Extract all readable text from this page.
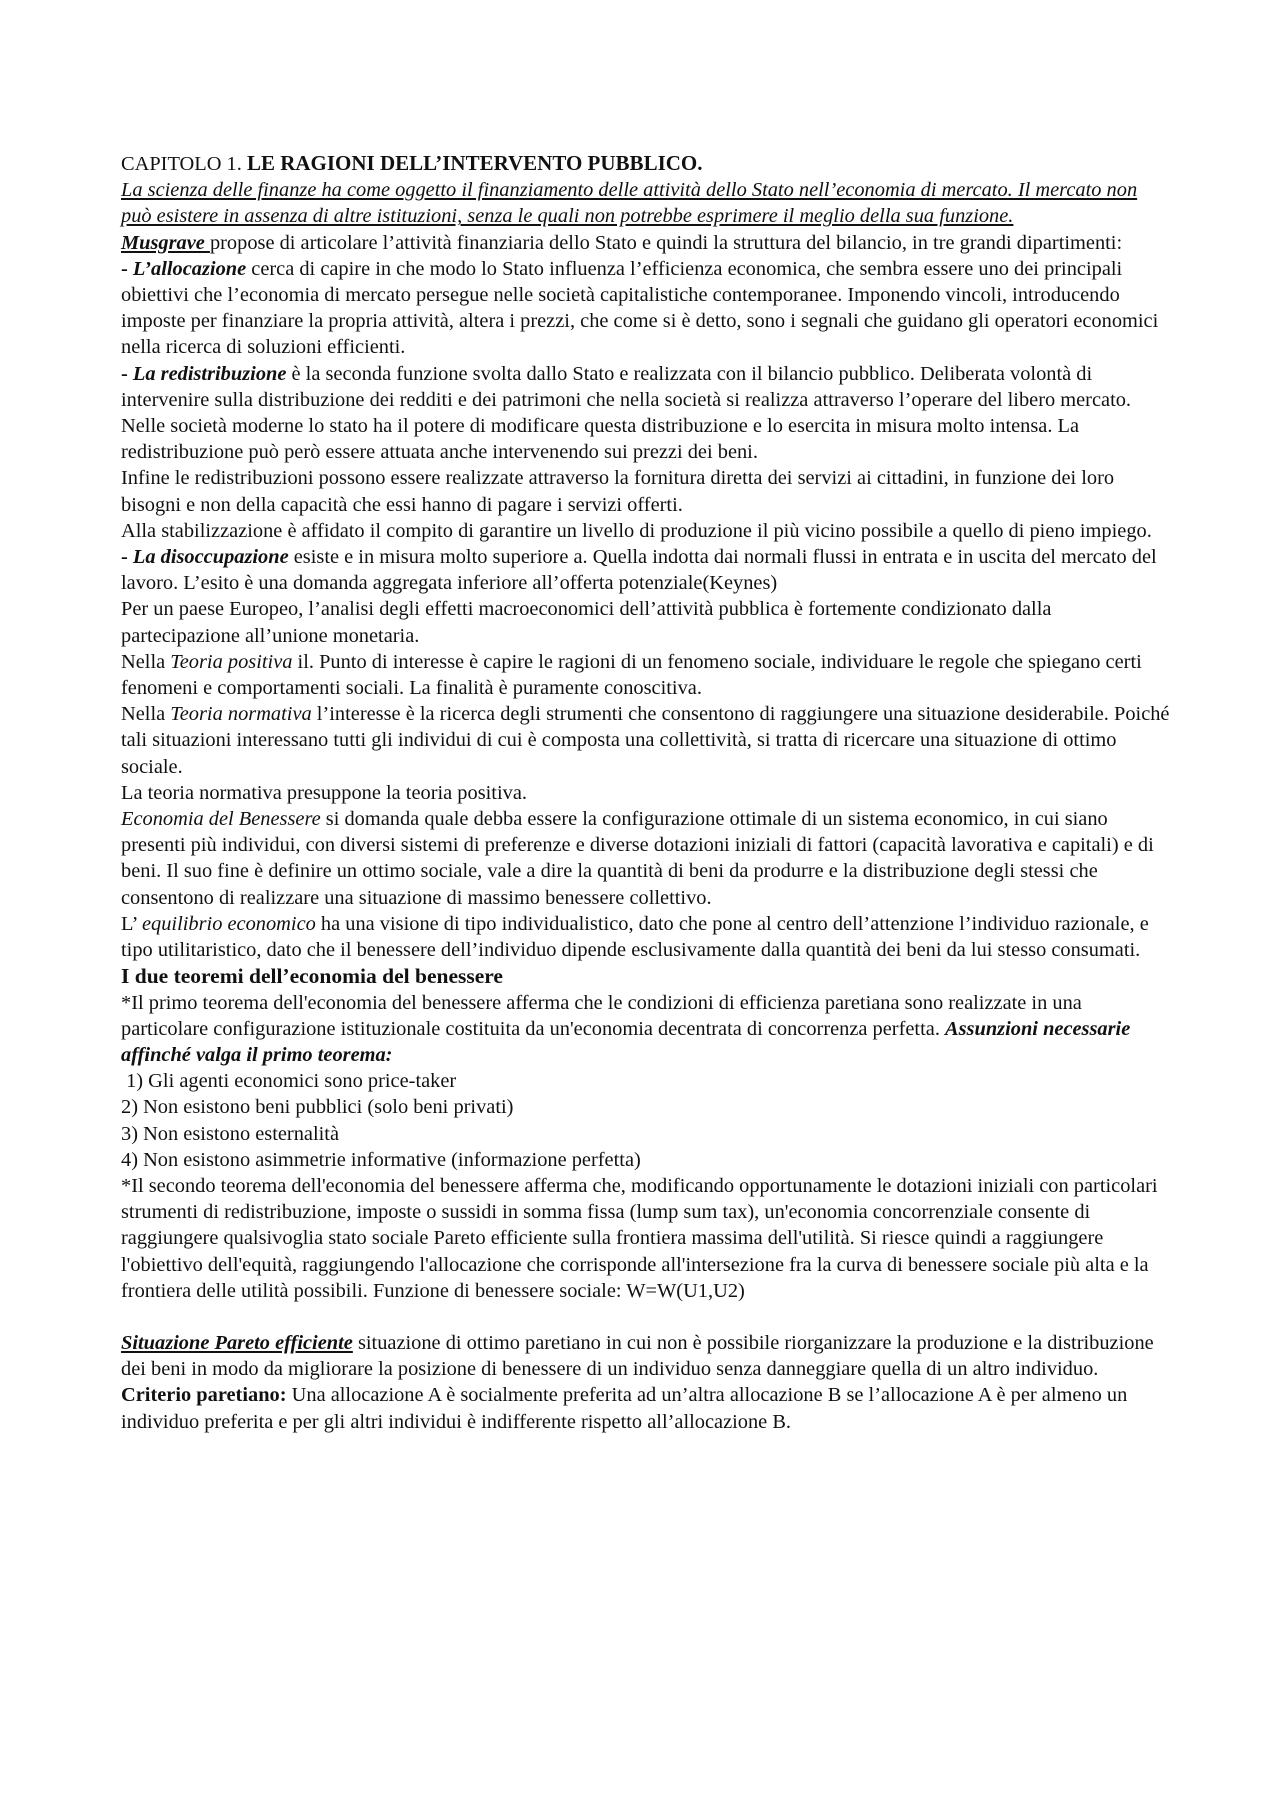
CAPITOLO 1. LE RAGIONI DELL’INTERVENTO PUBBLICO.

La scienza delle finanze ha come oggetto il finanziamento delle attività dello Stato nell’economia di mercato. Il mercato non può esistere in assenza di altre istituzioni, senza le quali non potrebbe esprimere il meglio della sua funzione.

Musgrave propose di articolare l’attività finanziaria dello Stato e quindi la struttura del bilancio, in tre grandi dipartimenti:

- L’allocazione cerca di capire in che modo lo Stato influenza l’efficienza economica, che sembra essere uno dei principali obiettivi che l’economia di mercato persegue nelle società capitalistiche contemporanee. Imponendo vincoli, introducendo imposte per finanziare la propria attività, altera i prezzi, che come si è detto, sono i segnali che guidano gli operatori economici nella ricerca di soluzioni efficienti.

- La redistribuzione è la seconda funzione svolta dallo Stato e realizzata con il bilancio pubblico. Deliberata volontà di intervenire sulla distribuzione dei redditi e dei patrimoni che nella società si realizza attraverso l’operare del libero mercato. Nelle società moderne lo stato ha il potere di modificare questa distribuzione e lo esercita in misura molto intensa. La redistribuzione può però essere attuata anche intervenendo sui prezzi dei beni.

Infine le redistribuzioni possono essere realizzate attraverso la fornitura diretta dei servizi ai cittadini, in funzione dei loro bisogni e non della capacità che essi hanno di pagare i servizi offerti.

Alla stabilizzazione è affidato il compito di garantire un livello di produzione il più vicino possibile a quello di pieno impiego.

- La disoccupazione esiste e in misura molto superiore a. Quella indotta dai normali flussi in entrata e in uscita del mercato del lavoro. L’esito è una domanda aggregata inferiore all’offerta potenziale(Keynes)

Per un paese Europeo, l’analisi degli effetti macroeconomici dell’attività pubblica è fortemente condizionato dalla partecipazione all’unione monetaria.

Nella Teoria positiva il. Punto di interesse è capire le ragioni di un fenomeno sociale, individuare le regole che spiegano certi fenomeni e comportamenti sociali. La finalità è puramente conoscitiva.

Nella Teoria normativa l’interesse è la ricerca degli strumenti che consentono di raggiungere una situazione desiderabile. Poiché tali situazioni interessano tutti gli individui di cui è composta una collettività, si tratta di ricercare una situazione di ottimo sociale.

La teoria normativa presuppone la teoria positiva.

Economia del Benessere si domanda quale debba essere la configurazione ottimale di un sistema economico, in cui siano presenti più individui, con diversi sistemi di preferenze e diverse dotazioni iniziali di fattori (capacità lavorativa e capitali) e di beni. Il suo fine è definire un ottimo sociale, vale a dire la quantità di beni da produrre e la distribuzione degli stessi che consentono di realizzare una situazione di massimo benessere collettivo.

L’ equilibrio economico ha una visione di tipo individualistico, dato che pone al centro dell’attenzione l’individuo razionale, e tipo utilitaristico, dato che il benessere dell’individuo dipende esclusivamente dalla quantità dei beni da lui stesso consumati.

I due teoremi dell’economia del benessere

*Il primo teorema dell'economia del benessere afferma che le condizioni di efficienza paretiana sono realizzate in una particolare configurazione istituzionale costituita da un'economia decentrata di concorrenza perfetta. Assunzioni necessarie affinché valga il primo teorema:

1) Gli agenti economici sono price-taker

2) Non esistono beni pubblici (solo beni privati)

3) Non esistono esternalità

4) Non esistono asimmetrie informative (informazione perfetta)

*Il secondo teorema dell'economia del benessere afferma che, modificando opportunamente le dotazioni iniziali con particolari strumenti di redistribuzione, imposte o sussidi in somma fissa (lump sum tax), un'economia concorrenziale consente di raggiungere qualsivoglia stato sociale Pareto efficiente sulla frontiera massima dell'utilità. Si riesce quindi a raggiungere l'obiettivo dell'equità, raggiungendo l'allocazione che corrisponde all'intersezione fra la curva di benessere sociale più alta e la frontiera delle utilità possibili. Funzione di benessere sociale: W=W(U1,U2)

Situazione Pareto efficiente situazione di ottimo paretiano in cui non è possibile riorganizzare la produzione e la distribuzione dei beni in modo da migliorare la posizione di benessere di un individuo senza danneggiare quella di un altro individuo.

Criterio paretiano: Una allocazione A è socialmente preferita ad un’altra allocazione B se l’allocazione A è per almeno un individuo preferita e per gli altri individui è indifferente rispetto all’allocazione B.
